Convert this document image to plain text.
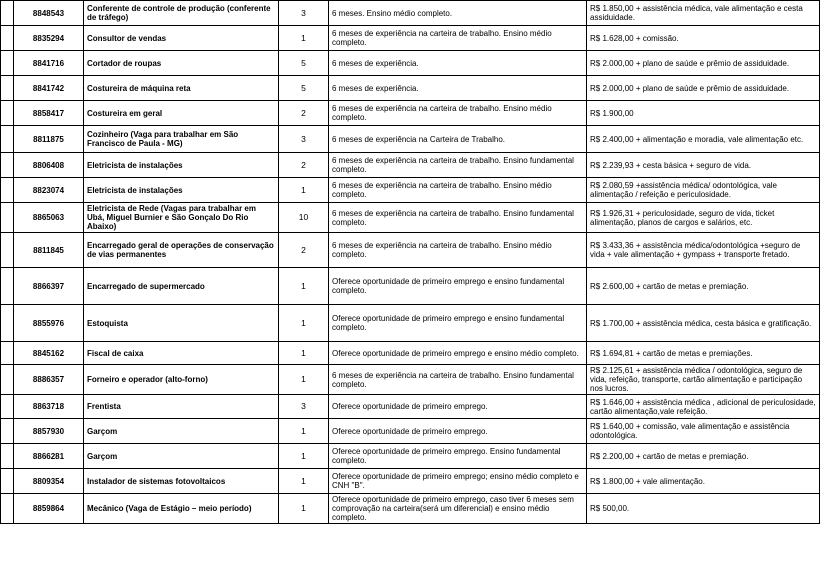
	8848543	Conferente de controle de produção (conferente de tráfego)	3	6 meses. Ensino médio completo.	R$ 1.850,00 + assistência médica, vale alimentação e cesta assiduidade.
	8835294	Consultor de vendas	1	6 meses de experiência na carteira de trabalho. Ensino médio completo.	R$ 1.628,00 + comissão.
	8841716	Cortador de roupas	5	6 meses de experiência.	R$ 2.000,00 + plano de saúde e prêmio de assiduidade.
	8841742	Costureira de máquina reta	5	6 meses de experiência.	R$ 2.000,00 + plano de saúde e prêmio de assiduidade.
	8858417	Costureira em geral	2	6 meses de experiência na carteira de trabalho. Ensino médio completo.	R$ 1.900,00
	8811875	Cozinheiro (Vaga para trabalhar em São Francisco de Paula - MG)	3	6 meses de experiência na Carteira de Trabalho.	R$ 2.400,00 + alimentação e moradia, vale alimentação etc.
	8806408	Eletricista de instalações	2	6 meses de experiência na carteira de trabalho. Ensino fundamental completo.	R$ 2.239,93 + cesta básica + seguro de vida.
	8823074	Eletricista de instalações	1	6 meses de experiência na carteira de trabalho. Ensino médio completo.	R$ 2.080,59 +assistência médica/ odontológica, vale alimentação / refeição e periculosidade.
	8865063	Eletricista de Rede (Vagas para trabalhar em Ubá, Miguel Burnier e São Gonçalo Do Rio Abaixo)	10	6 meses de experiência na carteira de trabalho. Ensino fundamental completo.	R$ 1.926,31 + periculosidade, seguro de vida, ticket alimentação, planos de cargos e salários, etc.
	8811845	Encarregado geral de operações de conservação de vias permanentes	2	6 meses de experiência na carteira de trabalho. Ensino médio completo.	R$ 3.433,36 + assistência médica/odontológica +seguro de vida + vale alimentação + gympass + transporte fretado.
	8866397	Encarregado de supermercado	1	Oferece oportunidade de primeiro emprego e ensino fundamental completo.	R$ 2.600,00 + cartão de metas e premiação.
	8855976	Estoquista	1	Oferece oportunidade de primeiro emprego e ensino fundamental completo.	R$ 1.700,00 + assistência médica, cesta básica e gratificação.
	8845162	Fiscal de caixa	1	Oferece oportunidade de primeiro emprego e ensino médio completo.	R$ 1.694,81 + cartão de metas e premiações.
	8886357	Forneiro e operador (alto-forno)	1	6 meses de experiência na carteira de trabalho. Ensino fundamental completo.	R$ 2.125,61 + assistência médica / odontológica, seguro de vida, refeição, transporte, cartão alimentação e participação nos lucros.
	8863718	Frentista	3	Oferece oportunidade de primeiro emprego.	R$ 1.646,00 + assistência médica , adicional de periculosidade, cartão alimentação,vale refeição.
	8857930	Garçom	1	Oferece oportunidade de primeiro emprego.	R$ 1.640,00 + comissão, vale alimentação e assistência odontológica.
	8866281	Garçom	1	Oferece oportunidade de primeiro emprego. Ensino fundamental completo.	R$ 2.200,00 + cartão de metas e premiação.
	8809354	Instalador de sistemas fotovoltaicos	1	Oferece oportunidade de primeiro emprego; ensino médio completo e CNH "B".	R$ 1.800,00 + vale alimentação.
	8859864	Mecânico (Vaga de Estágio – meio período)	1	Oferece oportunidade de primeiro emprego, caso tiver 6 meses sem comprovação na carteira(será um diferencial) e ensino médio completo.	R$ 500,00.
